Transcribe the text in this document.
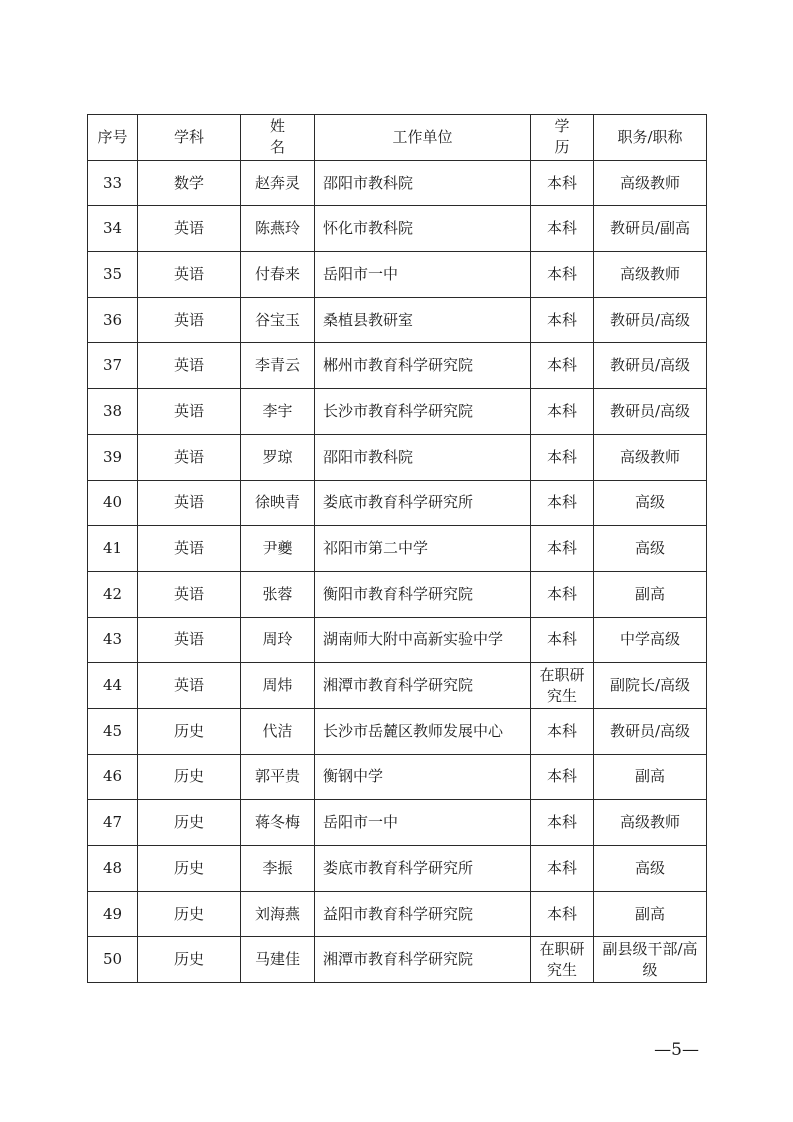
序号	学科	姓名	工作单位	学历	职务/职称
33	数学	赵奔灵	邵阳市教科院	本科	高级教师
34	英语	陈燕玲	怀化市教科院	本科	教研员/副高
35	英语	付春来	岳阳市一中	本科	高级教师
36	英语	谷宝玉	桑植县教研室	本科	教研员/高级
37	英语	李青云	郴州市教育科学研究院	本科	教研员/高级
38	英语	李宇	长沙市教育科学研究院	本科	教研员/高级
39	英语	罗琼	邵阳市教科院	本科	高级教师
40	英语	徐映青	娄底市教育科学研究所	本科	高级
41	英语	尹夔	祁阳市第二中学	本科	高级
42	英语	张蓉	衡阳市教育科学研究院	本科	副高
43	英语	周玲	湖南师大附中高新实验中学	本科	中学高级
44	英语	周炜	湘潭市教育科学研究院	在职研究生	副院长/高级
45	历史	代洁	长沙市岳麓区教师发展中心	本科	教研员/高级
46	历史	郭平贵	衡钢中学	本科	副高
47	历史	蒋冬梅	岳阳市一中	本科	高级教师
48	历史	李振	娄底市教育科学研究所	本科	高级
49	历史	刘海燕	益阳市教育科学研究院	本科	副高
50	历史	马建佳	湘潭市教育科学研究院	在职研究生	副县级干部/高级
—5—
